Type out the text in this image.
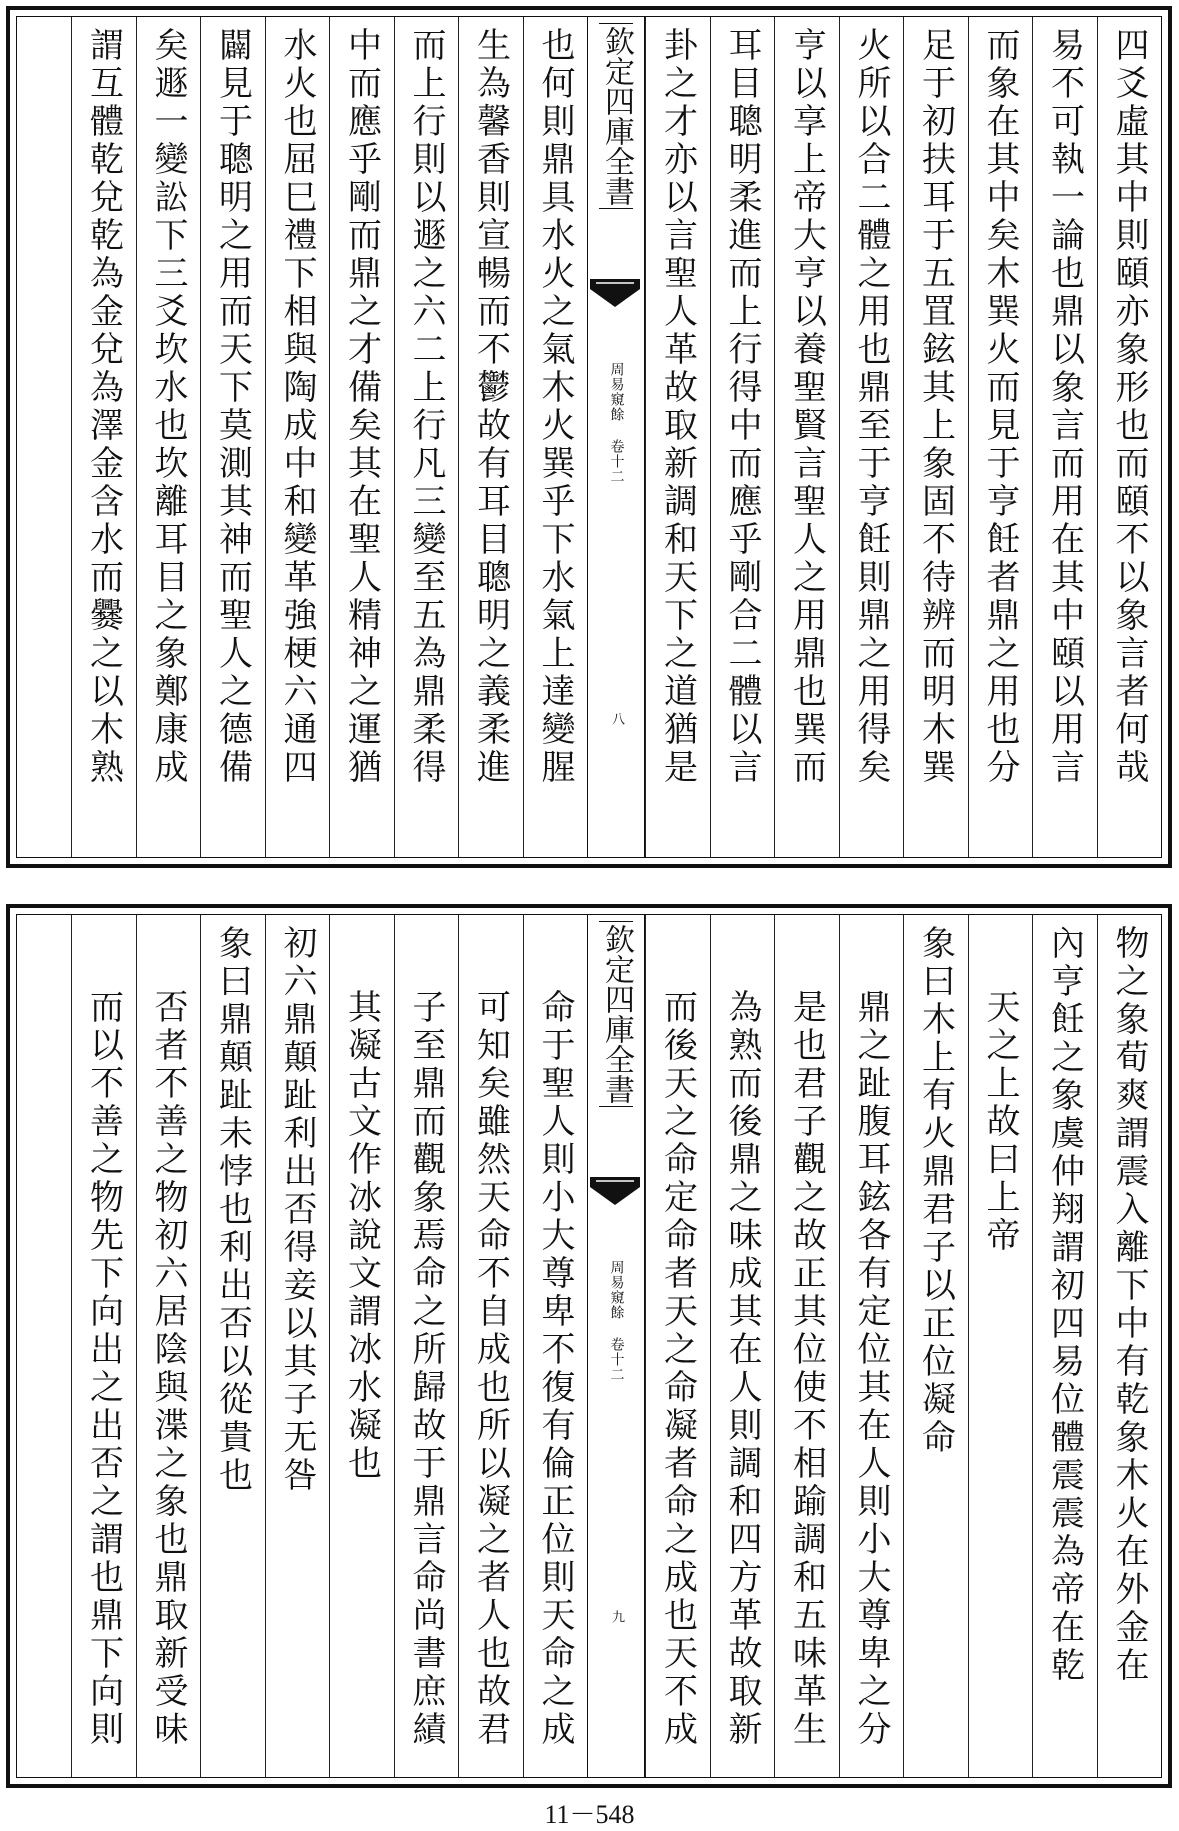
四爻虛其中則頤亦象形也而頤不以象言者何哉
易不可執一論也鼎以象言而用在其中頤以用言
而象在其中矣木巽火而見于亨飪者鼎之用也分
足于初扶耳于五罝鉉其上象固不待辨而明木巽
火所以合二體之用也鼎至于亨飪則鼎之用得矣
亨以享上帝大亨以養聖賢言聖人之用鼎也巽而
耳目聰明柔進而上行得中而應乎剛合二體以言
卦之才亦以言聖人革故取新調和天下之道猶是
欽定四庫全書
周易窺餘 卷十二
八
也何則鼎具水火之氣木火巽乎下水氣上達變腥
生為馨香則宣暢而不鬱故有耳目聰明之義柔進
而上行則以遯之六二上行凡三變至五為鼎柔得
中而應乎剛而鼎之才備矣其在聖人精神之運猶
水火也屈巳禮下相與陶成中和變革強梗六通四
闢見于聰明之用而天下莫測其神而聖人之德備
矣遯一變訟下三爻坎水也坎離耳目之象鄭康成
謂互體乾兌乾為金兌為澤金含水而爨之以木熟
物之象荀爽謂震入離下中有乾象木火在外金在
內亨飪之象虞仲翔謂初四易位體震震為帝在乾
天之上故曰上帝
象曰木上有火鼎君子以正位凝命
鼎之趾腹耳鉉各有定位其在人則小大尊卑之分
是也君子觀之故正其位使不相踰調和五味革生
為熟而後鼎之味成其在人則調和四方革故取新
而後天之命定命者天之命凝者命之成也天不成
欽定四庫全書
周易窺餘 卷十二
九
命于聖人則小大尊卑不復有倫正位則天命之成
可知矣雖然天命不自成也所以凝之者人也故君
子至鼎而觀象焉命之所歸故于鼎言命尚書庶績
其凝古文作冰說文謂冰水凝也
初六鼎顛趾利出否得妾以其子无咎
象曰鼎顛趾未悖也利出否以從貴也
否者不善之物初六居陰與渫之象也鼎取新受味
而以不善之物先下向出之出否之謂也鼎下向則
11－548
